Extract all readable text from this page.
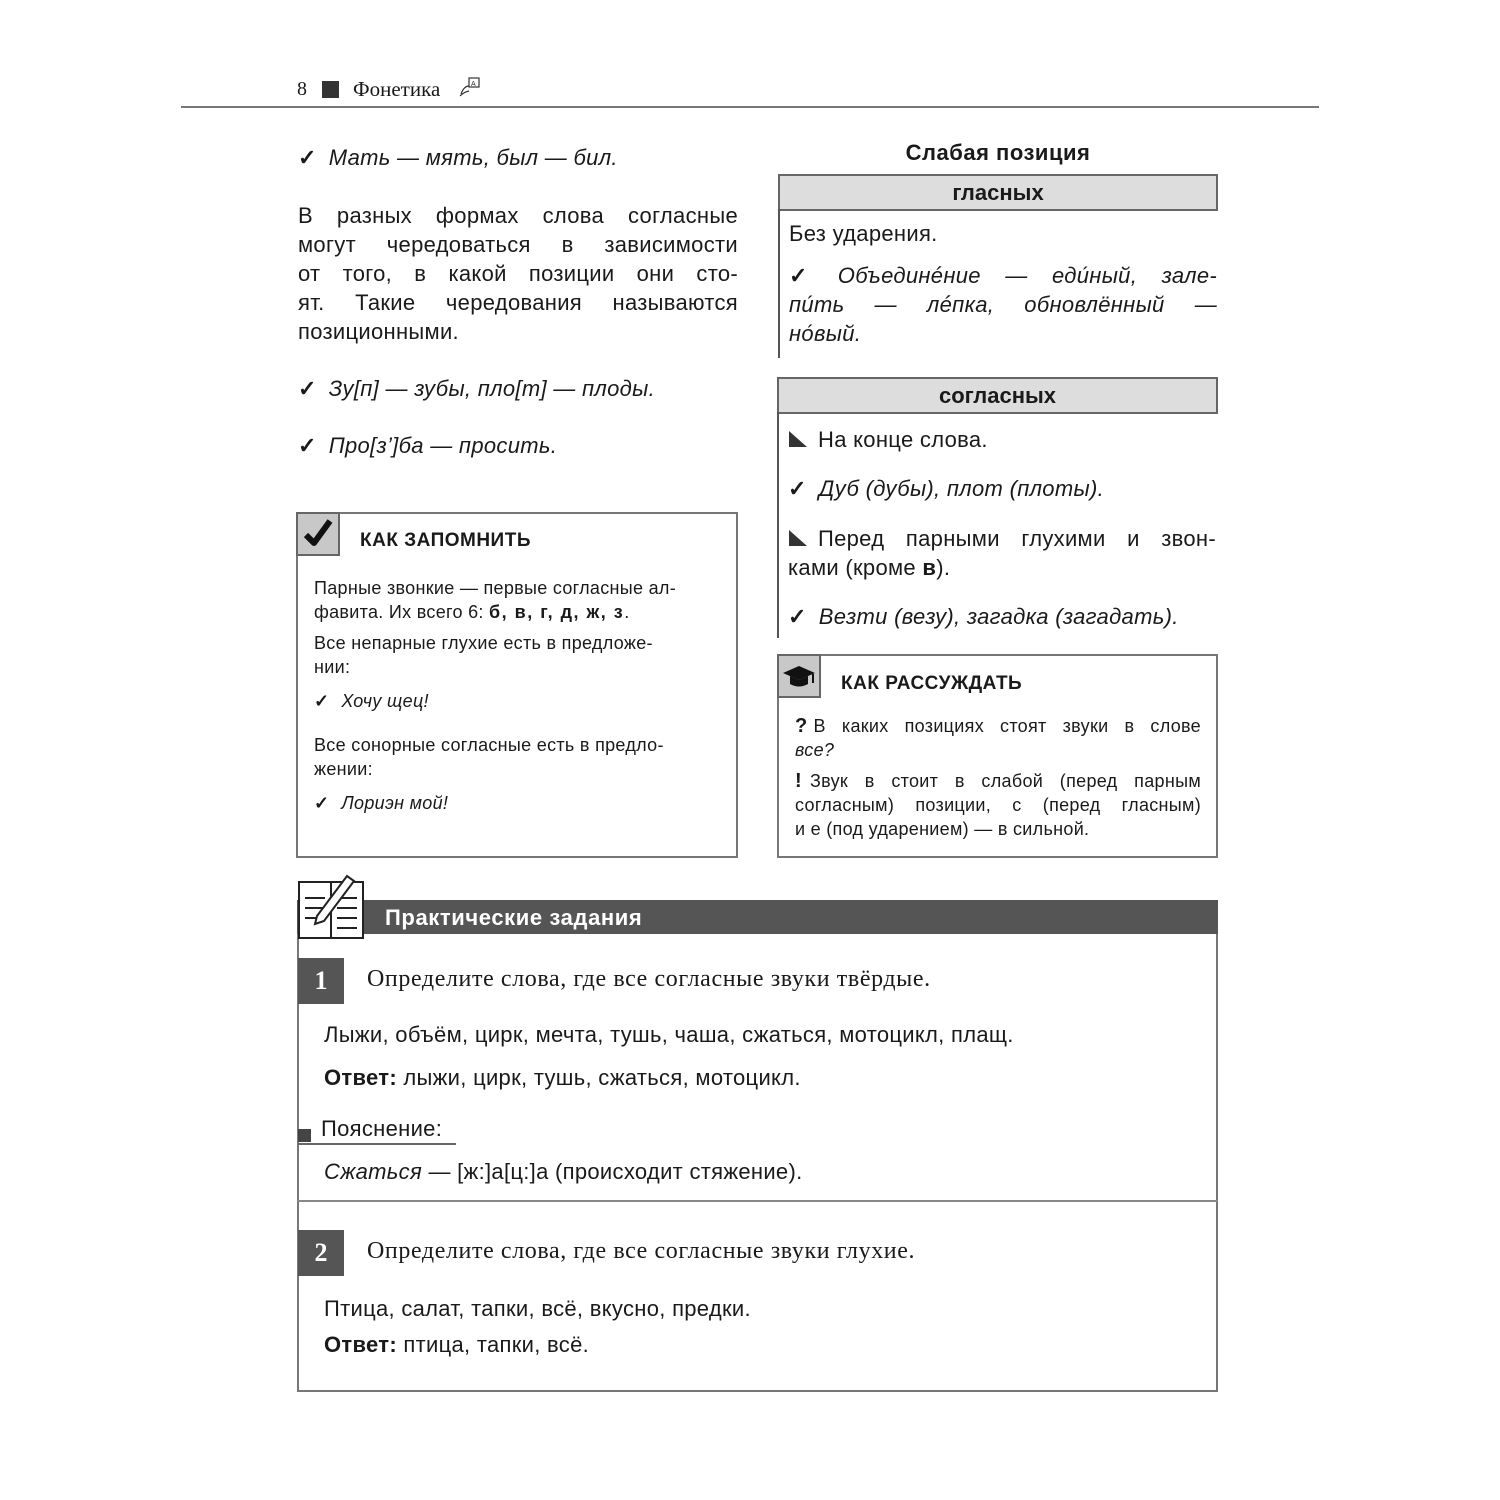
8 Фонетика	A
✓ Мать — мять, был — бил.
В разных формах слова согласные
могут чередоваться в зависимости
от того, в какой позиции они сто-
ят. Такие чередования называются
позиционными.
✓ Зу[п] — зубы, пло[т] — плоды.
✓ Про[з’]ба — просить.
КАК ЗАПОМНИТЬ
Парные звонкие — первые согласные ал-
фавита. Их всего 6: б, в, г, д, ж, з.
Все непарные глухие есть в предложе-
нии:
✓ Хочу щец!
Все сонорные согласные есть в предло-
жении:
✓ Лориэн мой!
Слабая позиция
гласных
Без ударения.
✓ Объединéние — еди́ный, зале-
пи́ть — лéпка, обновлённый —
но́вый.
согласных
На конце слова.
✓ Дуб (дубы), плот (плоты).
Перед парными глухими и звон-
ками (кроме в).
✓ Везти (везу), загадка (загадать).
КАК РАССУЖДАТЬ
? В каких позициях стоят звуки в слове
все?
! Звук в стоит в слабой (перед парным
согласным) позиции, с (перед гласным)
и е (под ударением) — в сильной.
Практические задания
1	Определите слова, где все согласные звуки твёрдые.
Лыжи, объём, цирк, мечта, тушь, чаша, сжаться, мотоцикл, плащ.
Ответ: лыжи, цирк, тушь, сжаться, мотоцикл.
Пояснение:
Сжаться — [ж:]а[ц:]а (происходит стяжение).
2	Определите слова, где все согласные звуки глухие.
Птица, салат, тапки, всё, вкусно, предки.
Ответ: птица, тапки, всё.
